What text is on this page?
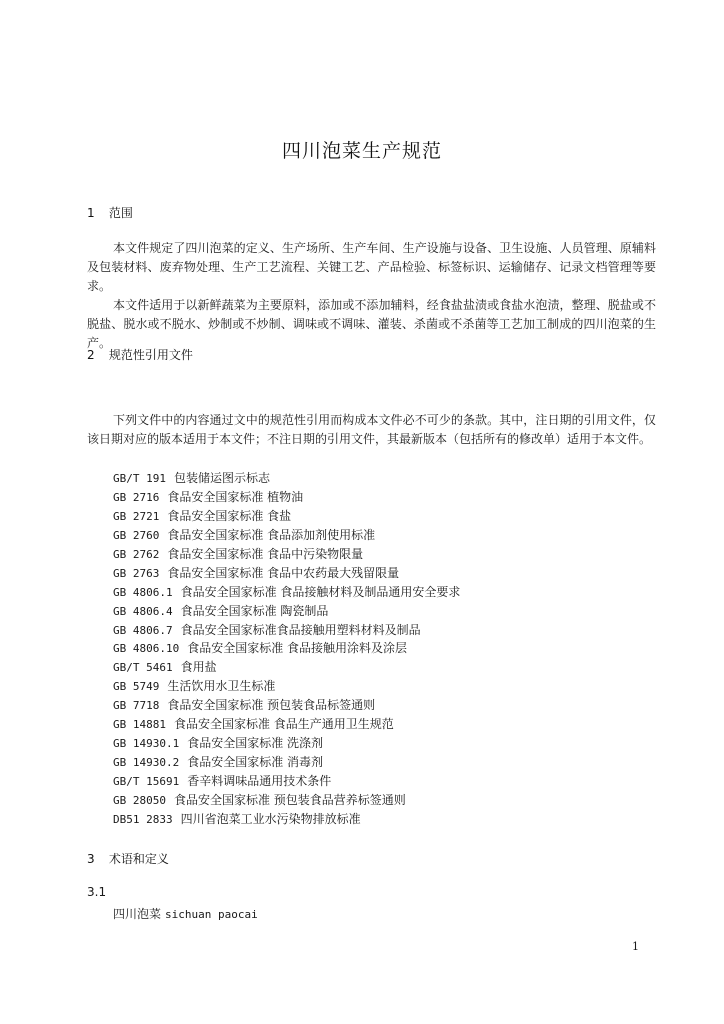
四川泡菜生产规范
1 范围

本文件规定了四川泡菜的定义、生产场所、生产车间、生产设施与设备、卫生设施、人员管理、原辅料及包装材料、废弃物处理、生产工艺流程、关键工艺、产品检验、标签标识、运输储存、记录文档管理等要求。

本文件适用于以新鲜蔬菜为主要原料，添加或不添加辅料，经食盐盐渍或食盐水泡渍，整理、脱盐或不脱盐、脱水或不脱水、炒制或不炒制、调味或不调味、灌装、杀菌或不杀菌等工艺加工制成的四川泡菜的生产。

2 规范性引用文件

下列文件中的内容通过文中的规范性引用而构成本文件必不可少的条款。其中，注日期的引用文件，仅该日期对应的版本适用于本文件；不注日期的引用文件，其最新版本（包括所有的修改单）适用于本文件。

GB/T 191 包装储运图示标志
GB 2716 食品安全国家标准 植物油
GB 2721 食品安全国家标准 食盐
GB 2760 食品安全国家标准 食品添加剂使用标准
GB 2762 食品安全国家标准 食品中污染物限量
GB 2763 食品安全国家标准 食品中农药最大残留限量
GB 4806.1 食品安全国家标准 食品接触材料及制品通用安全要求
GB 4806.4 食品安全国家标准 陶瓷制品
GB 4806.7 食品安全国家标准食品接触用塑料材料及制品
GB 4806.10 食品安全国家标准 食品接触用涂料及涂层
GB/T 5461 食用盐
GB 5749 生活饮用水卫生标准
GB 7718 食品安全国家标准 预包装食品标签通则
GB 14881 食品安全国家标准 食品生产通用卫生规范
GB 14930.1 食品安全国家标准 洗涤剂
GB 14930.2 食品安全国家标准 消毒剂
GB/T 15691 香辛料调味品通用技术条件
GB 28050 食品安全国家标准 预包装食品营养标签通则
DB51 2833 四川省泡菜工业水污染物排放标准
3 术语和定义
3.1
四川泡菜 sichuan paocai
1
